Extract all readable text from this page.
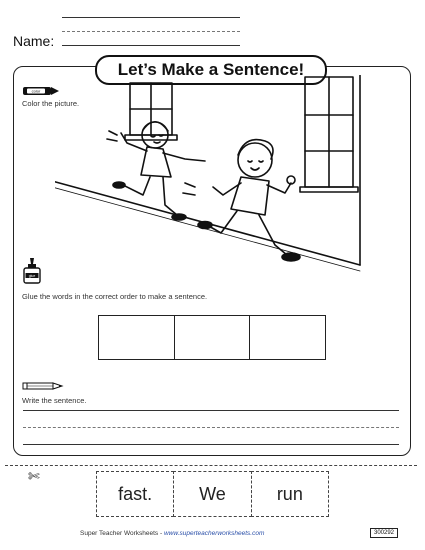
Name:
Let’s Make a Sentence!
color
Color the picture.
glue
Glue the words in the correct order to make a sentence.
Write the sentence.
✄
fast.	We	run
Super Teacher Worksheets - www.superteacherworksheets.com	300292
